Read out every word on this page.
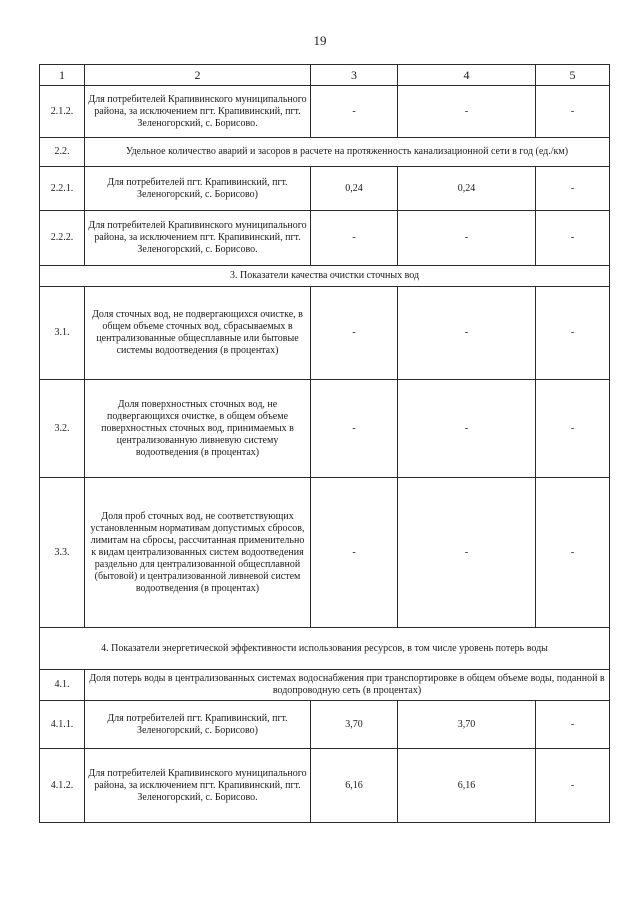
19
1	2	3	4	5
2.1.2.	Для потребителей Крапивинского муниципального района, за исключением пгт. Крапивинский, пгт. Зеленогорский, с. Борисово.	-	-	-
2.2.	Удельное количество аварий и засоров в расчете на протяженность канализационной сети в год (ед./км)			
2.2.1.	Для потребителей пгт. Крапивинский, пгт. Зеленогорский, с. Борисово)	0,24	0,24	-
2.2.2.	Для потребителей Крапивинского муниципального района, за исключением пгт. Крапивинский, пгт. Зеленогорский, с. Борисово.	-	-	-
3. Показатели качества очистки сточных вод				
3.1.	Доля сточных вод, не подвергающихся очистке, в общем объеме сточных вод, сбрасываемых в централизованные общесплавные или бытовые системы водоотведения (в процентах)	-	-	-
3.2.	Доля поверхностных сточных вод, не подвергающихся очистке, в общем объеме поверхностных сточных вод, принимаемых в централизованную ливневую систему водоотведения (в процентах)	-	-	-
3.3.	Доля проб сточных вод, не соответствующих установленным нормативам допустимых сбросов, лимитам на сбросы, рассчитанная применительно к видам централизованных систем водоотведения раздельно для централизованной общесплавной (бытовой) и централизованной ливневой систем водоотведения (в процентах)	-	-	-
4. Показатели энергетической эффективности использования ресурсов, в том числе уровень потерь воды				
4.1.	Доля потерь воды в централизованных системах водоснабжения при транспортировке в общем объеме воды, поданной в водопроводную сеть (в процентах)			
4.1.1.	Для потребителей пгт. Крапивинский, пгт. Зеленогорский, с. Борисово)	3,70	3,70	-
4.1.2.	Для потребителей Крапивинского муниципального района, за исключением пгт. Крапивинский, пгт. Зеленогорский, с. Борисово.	6,16	6,16	-
